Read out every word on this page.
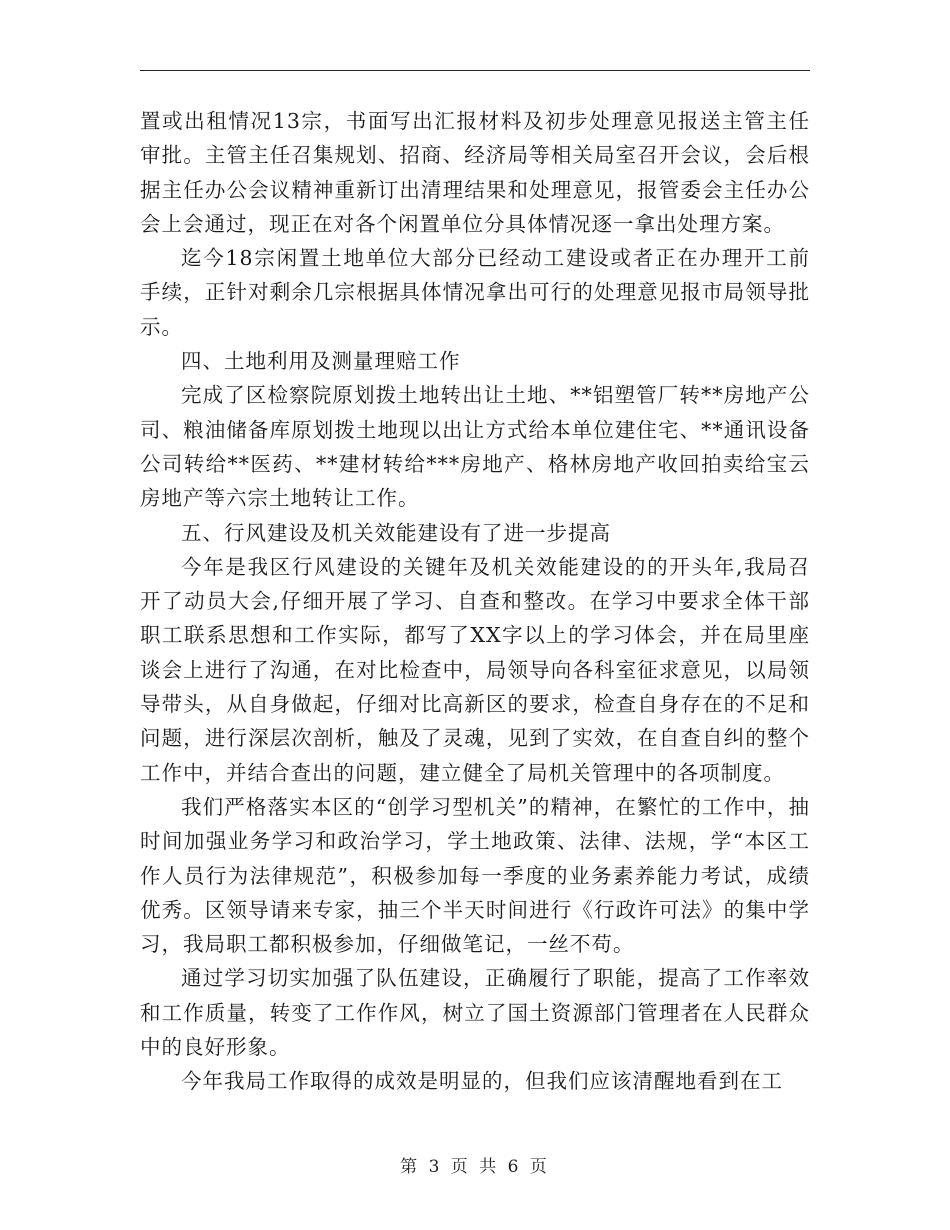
置或出租情况13宗，书面写出汇报材料及初步处理意见报送主管主任审批。主管主任召集规划、招商、经济局等相关局室召开会议，会后根据主任办公会议精神重新订出清理结果和处理意见，报管委会主任办公会上会通过，现正在对各个闲置单位分具体情况逐一拿出处理方案。

迄今18宗闲置土地单位大部分已经动工建设或者正在办理开工前手续，正针对剩余几宗根据具体情况拿出可行的处理意见报市局领导批示。

四、土地利用及测量理赔工作

完成了区检察院原划拨土地转出让土地、**铝塑管厂转**房地产公司、粮油储备库原划拨土地现以出让方式给本单位建住宅、**通讯设备公司转给**医药、**建材转给***房地产、格林房地产收回拍卖给宝云房地产等六宗土地转让工作。

五、行风建设及机关效能建设有了进一步提高

今年是我区行风建设的关键年及机关效能建设的的开头年,我局召开了动员大会,仔细开展了学习、自查和整改。在学习中要求全体干部职工联系思想和工作实际，都写了XX字以上的学习体会，并在局里座谈会上进行了沟通，在对比检查中，局领导向各科室征求意见，以局领导带头，从自身做起，仔细对比高新区的要求，检查自身存在的不足和问题，进行深层次剖析，触及了灵魂，见到了实效，在自查自纠的整个工作中，并结合查出的问题，建立健全了局机关管理中的各项制度。

我们严格落实本区的“创学习型机关”的精神，在繁忙的工作中，抽时间加强业务学习和政治学习，学土地政策、法律、法规，学“本区工作人员行为法律规范”，积极参加每一季度的业务素养能力考试，成绩优秀。区领导请来专家，抽三个半天时间进行《行政许可法》的集中学习，我局职工都积极参加，仔细做笔记，一丝不苟。

通过学习切实加强了队伍建设，正确履行了职能，提高了工作率效和工作质量，转变了工作作风，树立了国土资源部门管理者在人民群众中的良好形象。

今年我局工作取得的成效是明显的，但我们应该清醒地看到在工

第 3 页 共 6 页
